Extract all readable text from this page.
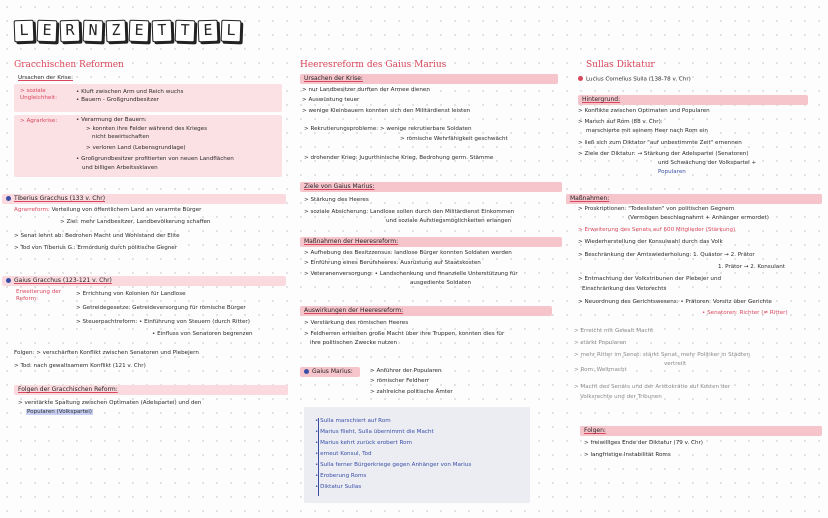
L E R N Z E T T E L
Gracchischen Reformen
Ursachen der Krise:
> soziale Ungleichheit:
• Kluft zwischen Arm und Reich wuchs
• Bauern - Großgrundbesitzer
> Agrarkrise:	• Verarmung der Bauern:
> konnten ihre Felder während des Krieges
nicht bewirtschaften
> verloren Land (Lebensgrundlage)
• Großgrundbesitzer profitierten von neuen Landflächen
und billigen Arbeitssklaven
Tiberius Gracchus (133 v. Chr)
Agrarreform: Verteilung von öffentlichem Land an verarmte Bürger
> Ziel: mehr Landbesitzer, Landbevölkerung schaffen
> Senat lehnt ab: Bedrohen Macht und Wohlstand der Elite
> Tod von Tiberius G.: Ermordung durch politische Gegner
Gaius Gracchus (123-121 v. Chr)
Erweiterung der Reform:
> Errichtung von Kolonien für Landlose
> Getreidegesetze: Getreideversorgung für römische Bürger
> Steuerpachtreform: • Einführung von Steuern (durch Ritter)
• Einfluss von Senatoren begrenzen
Folgen: > verschärften Konflikt zwischen Senatoren und Plebejern
> Tod: nach gewaltsamem Konflikt (121 v. Chr)
Folgen der Gracchischen Reform:
> verstärkte Spaltung zwischen Optimaten (Adelspartei) und den
Popularen (Volkspartei)
Heeresreform des Gaius Marius
Ursachen der Krise:
> nur Landbesitzer durften der Armee dienen
> Auswüstung teuer
> wenige Kleinbauern konnten sich den Militärdienst leisten
> Rekrutierungsprobleme: > wenige rekrutierbare Soldaten
> römische Wehrfähigkeit geschwächt
> drohender Krieg: Jugurthinische Krieg, Bedrohung germ. Stämme
Ziele von Gaius Marius:
> Stärkung des Heeres
> soziale Absicherung: Landlose sollen durch den Militärdienst Einkommen
und soziale Aufstiegsmöglichkeiten erlangen
Maßnahmen der Heeresreform:
> Aufhebung des Besitzzensus: landlose Bürger konnten Soldaten werden
> Einführung eines Berufsheeres: Ausrüstung auf Staatskosten
> Veteranenversorgung: • Landschenkung und finanzielle Unterstützung für
ausgediente Soldaten
Auswirkungen der Heeresreform:
> Verstärkung des römischen Heeres
> Feldherren erhielten große Macht über ihre Truppen, konnten dies für
ihre politischen Zwecke nutzen
Gaius Marius:	> Anführer der Popularen
> römischer Feldherr
> zahlreiche politische Ämter
• Sulla marschiert auf Rom
• Marius flieht, Sulla übernimmt die Macht
• Marius kehrt zurück erobert Rom
• erneut Konsul, Tod
• Sulla ferner Bürgerkriege gegen Anhänger von Marius
• Eroberung Roms
• Diktatur Sullas
Sullas Diktatur
Lucius Cornelius Sulla (138-78 v. Chr)
Hintergrund:
> Konflikte zwischen Optimaten und Popularen
> Marsch auf Rom (88 v. Chr):
marschierte mit seinem Heer nach Rom ein
> ließ sich zum Diktator "auf unbestimmte Zeit" ernennen
> Ziele der Diktatur: → Stärkung der Adelspartei (Senatoren)
und Schwächung der Volkspartei +
Popularen
Maßnahmen:
> Proskriptionen: "Todeslisten" von politischen Gegnern
(Vermögen beschlagnahmt + Anhänger ermordet)
> Erweiterung des Senats auf 600 Mitglieder (Stärkung)
> Wiederherstellung der Konsulwahl durch das Volk
> Beschränkung der Amtswiederholung: 1. Quästor → 2. Prätor
1. Prätor → 2. Konsulant
> Entmachtung der Volkstribunen der Plebejer und
Einschränkung des Vetorechts
> Neuordnung des Gerichtswesens: • Prätoren: Vorsitz über Gerichte
• Senatoren: Richter (≠ Ritter)
> Erreicht mit Gewalt Macht
> stärkt Popularen
> mehr Ritter im Senat: stärkt Senat, mehr Politiker in Städten
vertreilt
> Rom: Weltmacht
> Macht des Senats und der Aristokratie auf Kosten der
Volksrechte und der Tribunen
Folgen:
> freiwilliges Ende der Diktatur (79 v. Chr)
> langfristige Instabilität Roms
